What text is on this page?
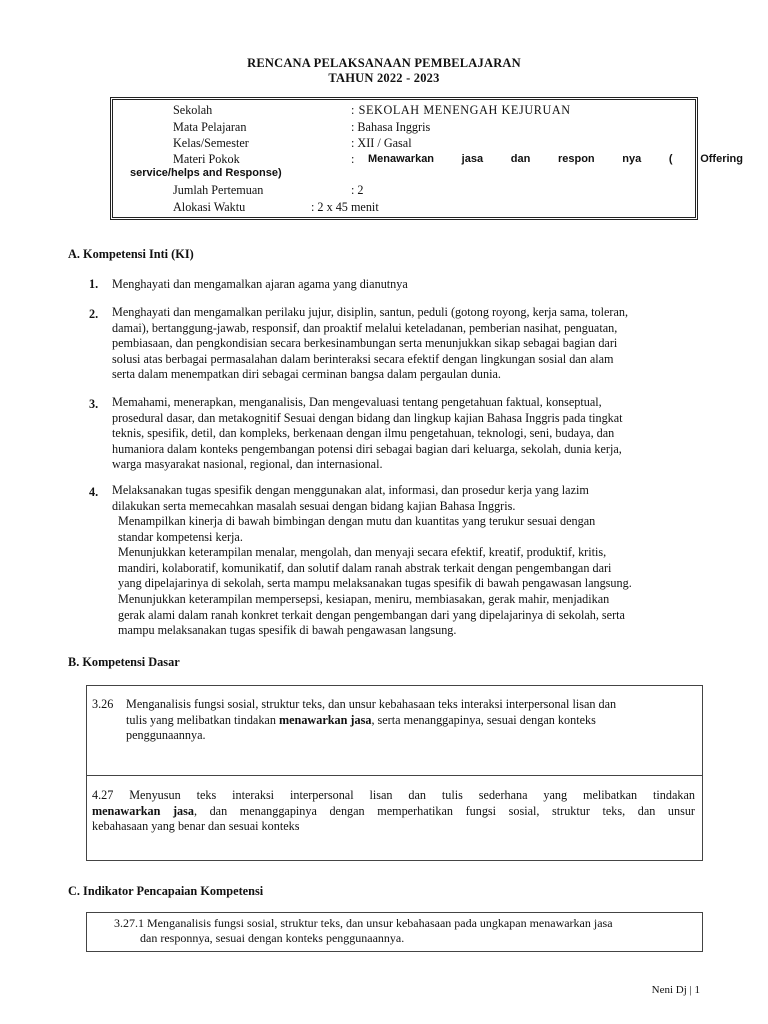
RENCANA PELAKSANAAN PEMBELAJARAN
TAHUN 2022 - 2023
Sekolah	: SEKOLAH MENENGAH KEJURUAN
Mata Pelajaran	: Bahasa Inggris
Kelas/Semester	: XII / Gasal
Materi Pokok	: Menawarkan jasa dan respon nya ( Offering
service/helps and Response)
Jumlah Pertemuan	: 2
Alokasi Waktu	: 2 x 45 menit
A. Kompetensi Inti (KI)
1. Menghayati dan mengamalkan ajaran agama yang dianutnya
2. Menghayati dan mengamalkan perilaku jujur, disiplin, santun, peduli (gotong royong, kerja sama, toleran,
damai), bertanggung-jawab, responsif, dan proaktif melalui keteladanan, pemberian nasihat, penguatan,
pembiasaan, dan pengkondisian secara berkesinambungan serta menunjukkan sikap sebagai bagian dari
solusi atas berbagai permasalahan dalam berinteraksi secara efektif dengan lingkungan sosial dan alam
serta dalam menempatkan diri sebagai cerminan bangsa dalam pergaulan dunia.
3. Memahami, menerapkan, menganalisis, Dan mengevaluasi tentang pengetahuan faktual, konseptual,
prosedural dasar, dan metakognitif Sesuai dengan bidang dan lingkup kajian Bahasa Inggris pada tingkat
teknis, spesifik, detil, dan kompleks, berkenaan dengan ilmu pengetahuan, teknologi, seni, budaya, dan
humaniora dalam konteks pengembangan potensi diri sebagai bagian dari keluarga, sekolah, dunia kerja,
warga masyarakat nasional, regional, dan internasional.
4. Melaksanakan tugas spesifik dengan menggunakan alat, informasi, dan prosedur kerja yang lazim
dilakukan serta memecahkan masalah sesuai dengan bidang kajian Bahasa Inggris.
Menampilkan kinerja di bawah bimbingan dengan mutu dan kuantitas yang terukur sesuai dengan
standar kompetensi kerja.
Menunjukkan keterampilan menalar, mengolah, dan menyaji secara efektif, kreatif, produktif, kritis,
mandiri, kolaboratif, komunikatif, dan solutif dalam ranah abstrak terkait dengan pengembangan dari
yang dipelajarinya di sekolah, serta mampu melaksanakan tugas spesifik di bawah pengawasan langsung.
Menunjukkan keterampilan mempersepsi, kesiapan, meniru, membiasakan, gerak mahir, menjadikan
gerak alami dalam ranah konkret terkait dengan pengembangan dari yang dipelajarinya di sekolah, serta
mampu melaksanakan tugas spesifik di bawah pengawasan langsung.
B. Kompetensi Dasar
3.26 Menganalisis fungsi sosial, struktur teks, dan unsur kebahasaan teks interaksi interpersonal lisan dan
tulis yang melibatkan tindakan menawarkan jasa, serta menanggapinya, sesuai dengan konteks
penggunaannya.
4.27 Menyusun teks interaksi interpersonal lisan dan tulis sederhana yang melibatkan tindakan
menawarkan jasa, dan menanggapinya dengan memperhatikan fungsi sosial, struktur teks, dan unsur
kebahasaan yang benar dan sesuai konteks
C. Indikator Pencapaian Kompetensi
3.27.1 Menganalisis fungsi sosial, struktur teks, dan unsur kebahasaan pada ungkapan menawarkan jasa
dan responnya, sesuai dengan konteks penggunaannya.
Neni Dj | 1
